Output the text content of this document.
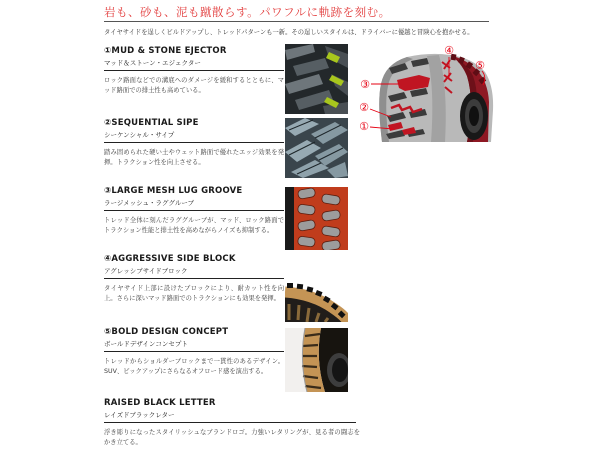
岩も、砂も、泥も蹴散らす。パワフルに軌跡を刻む。
タイヤサイドを逞しくビルドアップし、トレッドパターンも一新。その逞しいスタイルは、ドライバーに優越と冒険心を抱かせる。
①MUD & STONE EJECTOR
マッド＆ストーン・エジェクター
ロック路面などでの溝底へのダメージを緩和するとともに、マッド路面での排土性も高めている。
②SEQUENTIAL SIPE
シーケンシャル・サイプ
踏み固められた硬い土やウェット路面で優れたエッジ効果を発揮。トラクション性を向上させる。
③LARGE MESH LUG GROOVE
ラージメッシュ・ラググルーブ
トレッド全体に刻んだラググルーブが、マッド、ロック路面でトラクション性能と排土性を高めながらノイズも抑制する。
④AGGRESSIVE SIDE BLOCK
アグレッシブサイドブロック
タイヤサイド上部に設けたブロックにより、耐カット性を向上。さらに深いマッド路面でのトラクションにも効果を発揮。
⑤BOLD DESIGN CONCEPT
ボールドデザインコンセプト
トレッドからショルダーブロックまで一貫性のあるデザイン。SUV、ピックアップにさらなるオフロード感を演出する。
RAISED BLACK LETTER
レイズドブラックレター
浮き彫りになったスタイリッシュなブランドロゴ。力強いレタリングが、見る者の闘志をかき立てる。
③
②
①
④
⑤
